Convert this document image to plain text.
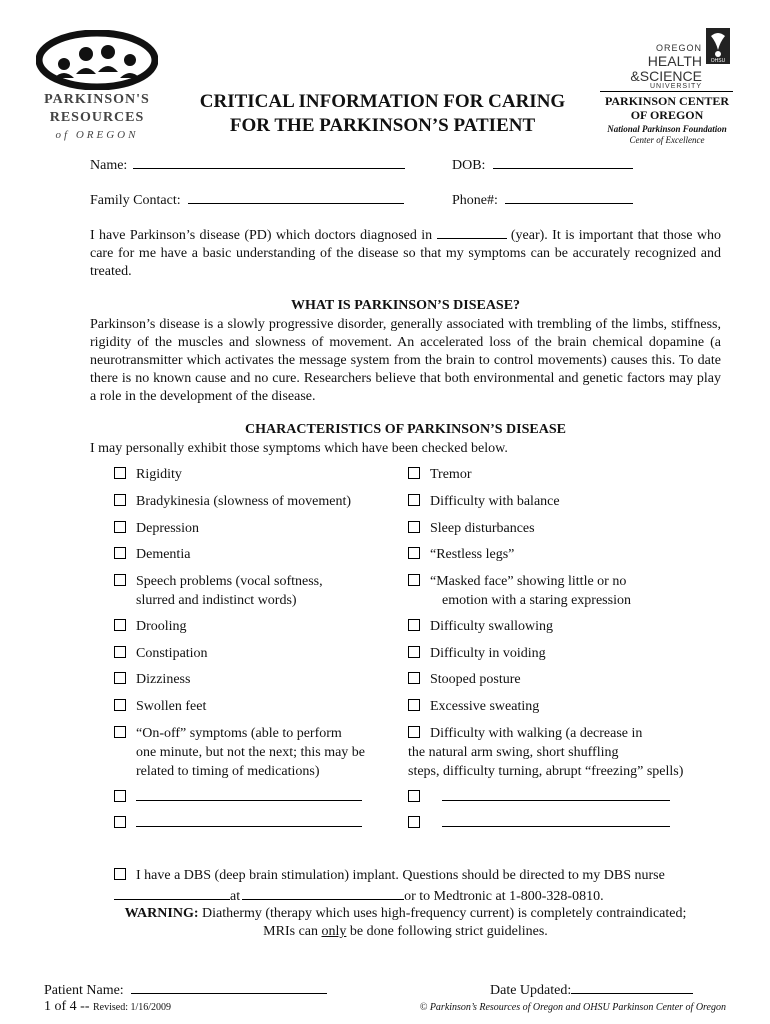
PARKINSON'S
RESOURCES
of OREGON
OREGON
HEALTH
&SCIENCE
UNIVERSITY
OHSU
CRITICAL INFORMATION FOR CARING
FOR THE PARKINSON’S PATIENT
PARKINSON CENTER
OF OREGON
National Parkinson Foundation
Center of Excellence
Name:	DOB:
Family Contact:	Phone#:
I have Parkinson’s disease (PD) which doctors diagnosed in	(year). It is important that those who care for me have a basic understanding of the disease so that my symptoms can be accurately recognized and treated.
WHAT IS PARKINSON’S DISEASE?
Parkinson’s disease is a slowly progressive disorder, generally associated with trembling of the limbs, stiffness, rigidity of the muscles and slowness of movement. An accelerated loss of the brain chemical dopamine (a neurotransmitter which activates the message system from the brain to control movements) causes this. To date there is no known cause and no cure. Researchers believe that both environmental and genetic factors may play a role in the development of the disease.
CHARACTERISTICS OF PARKINSON’S DISEASE
I may personally exhibit those symptoms which have been checked below.
Rigidity
Bradykinesia (slowness of movement)
Depression
Dementia
Speech problems (vocal softness,
slurred and indistinct words)
Drooling
Constipation
Dizziness
Swollen feet
“On-off” symptoms (able to perform
one minute, but not the next; this may be
related to timing of medications)
Tremor
Difficulty with balance
Sleep disturbances
“Restless legs”
“Masked face” showing little or no
emotion with a staring expression
Difficulty swallowing
Difficulty in voiding
Stooped posture
Excessive sweating
Difficulty with walking (a decrease in
the natural arm swing, short shuffling
steps, difficulty turning, abrupt “freezing” spells)
I have a DBS (deep brain stimulation) implant. Questions should be directed to my DBS nurse
at	or to Medtronic at 1-800-328-0810.
WARNING: Diathermy (therapy which uses high-frequency current) is completely contraindicated;
MRIs can only be done following strict guidelines.
Patient Name:	Date Updated:
1 of 4 -- Revised: 1/16/2009	© Parkinson’s Resources of Oregon and OHSU Parkinson Center of Oregon
